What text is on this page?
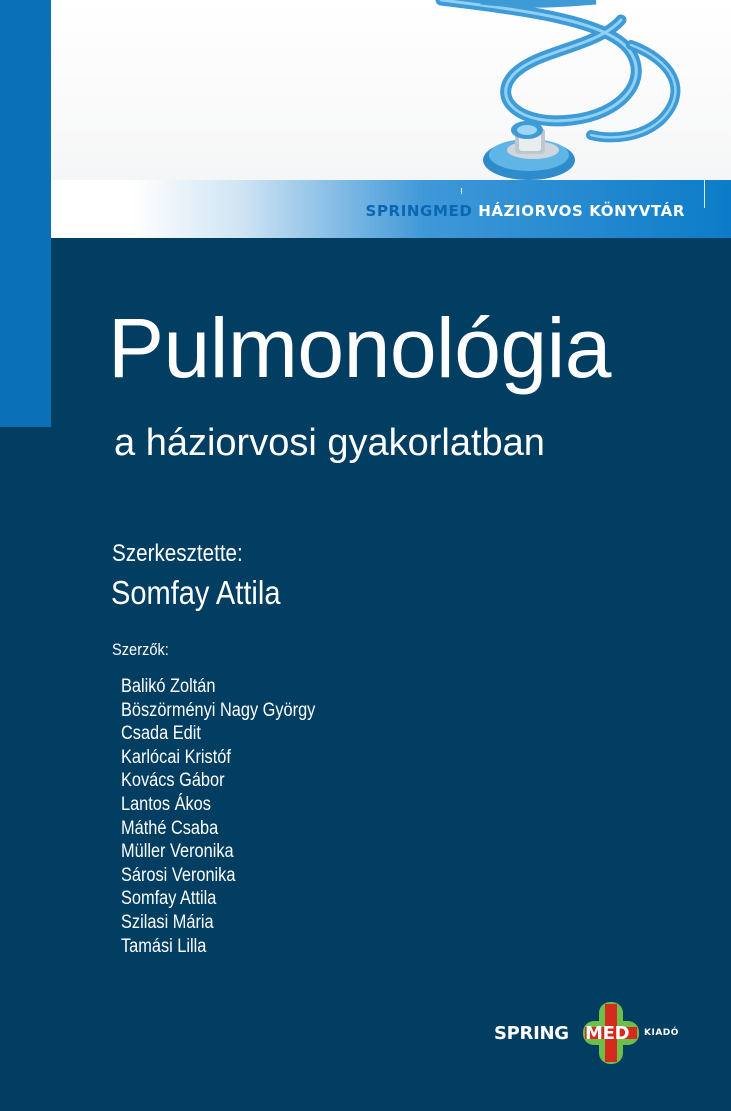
SPRINGMED HÁZIORVOS KÖNYVTÁR
Pulmonológia
a háziorvosi gyakorlatban
Szerkesztette:
Somfay Attila
Szerzők:
Balikó Zoltán
Böszörményi Nagy György
Csada Edit
Karlócai Kristóf
Kovács Gábor
Lantos Ákos
Máthé Csaba
Müller Veronika
Sárosi Veronika
Somfay Attila
Szilasi Mária
Tamási Lilla
SPRING MED KIADÓ
